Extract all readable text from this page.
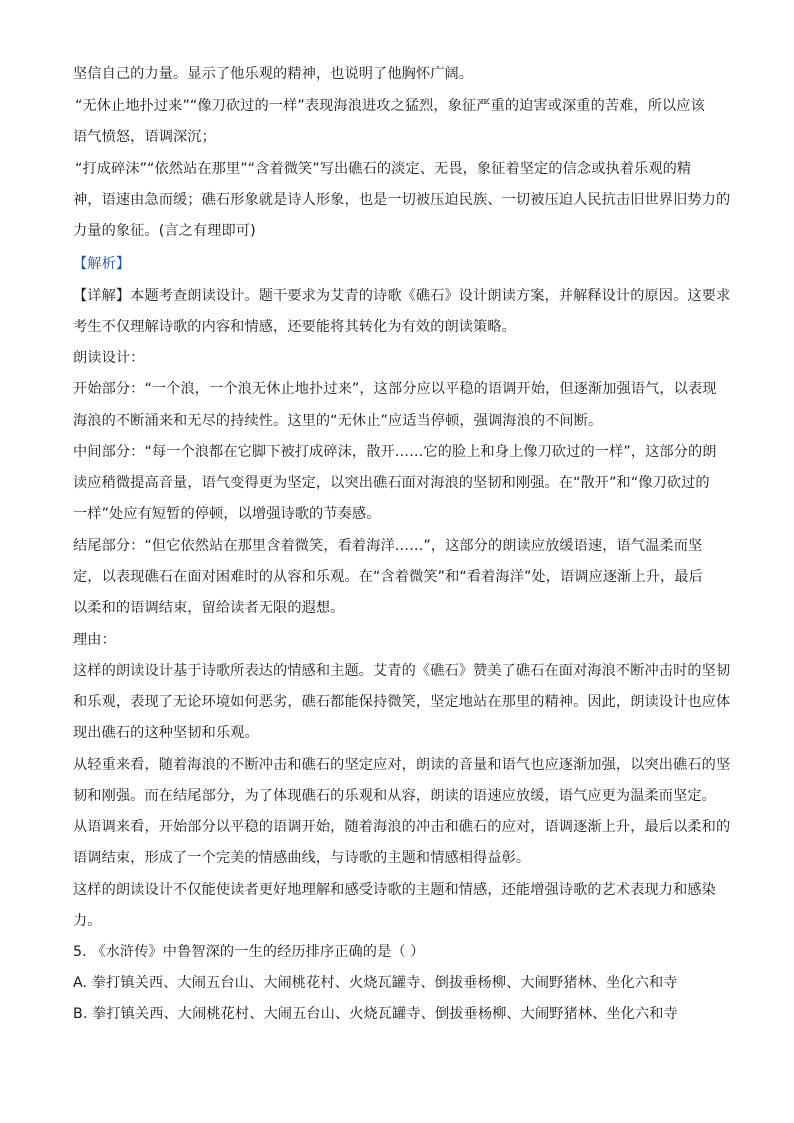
坚信自己的力量。显示了他乐观的精神，也说明了他胸怀广阔。
“无休止地扑过来”“像刀砍过的一样”表现海浪进攻之猛烈，象征严重的迫害或深重的苦难，所以应该
语气愤怒，语调深沉；
“打成碎沫”“依然站在那里”“含着微笑”写出礁石的淡定、无畏，象征着坚定的信念或执着乐观的精
神，语速由急而缓；礁石形象就是诗人形象，也是一切被压迫民族、一切被压迫人民抗击旧世界旧势力的
力量的象征。(言之有理即可)
【解析】
【详解】本题考查朗读设计。题干要求为艾青的诗歌《礁石》设计朗读方案，并解释设计的原因。这要求
考生不仅理解诗歌的内容和情感，还要能将其转化为有效的朗读策略。
朗读设计：
开始部分：“一个浪，一个浪无休止地扑过来”，这部分应以平稳的语调开始，但逐渐加强语气，以表现
海浪的不断涌来和无尽的持续性。这里的“无休止”应适当停顿，强调海浪的不间断。
中间部分：“每一个浪都在它脚下被打成碎沫，散开……它的脸上和身上像刀砍过的一样”，这部分的朗
读应稍微提高音量，语气变得更为坚定，以突出礁石面对海浪的坚韧和刚强。在“散开”和“像刀砍过的
一样”处应有短暂的停顿，以增强诗歌的节奏感。
结尾部分：“但它依然站在那里含着微笑，看着海洋……”，这部分的朗读应放缓语速，语气温柔而坚
定，以表现礁石在面对困难时的从容和乐观。在“含着微笑”和“看着海洋”处，语调应逐渐上升，最后
以柔和的语调结束，留给读者无限的遐想。
理由：
这样的朗读设计基于诗歌所表达的情感和主题。艾青的《礁石》赞美了礁石在面对海浪不断冲击时的坚韧
和乐观，表现了无论环境如何恶劣，礁石都能保持微笑，坚定地站在那里的精神。因此，朗读设计也应体
现出礁石的这种坚韧和乐观。
从轻重来看，随着海浪的不断冲击和礁石的坚定应对，朗读的音量和语气也应逐渐加强，以突出礁石的坚
韧和刚强。而在结尾部分，为了体现礁石的乐观和从容，朗读的语速应放缓，语气应更为温柔而坚定。
从语调来看，开始部分以平稳的语调开始，随着海浪的冲击和礁石的应对，语调逐渐上升，最后以柔和的
语调结束，形成了一个完美的情感曲线，与诗歌的主题和情感相得益彰。
这样的朗读设计不仅能使读者更好地理解和感受诗歌的主题和情感，还能增强诗歌的艺术表现力和感染
力。
5. 《水浒传》中鲁智深的一生的经历排序正确的是（ ）
A. 拳打镇关西、大闹五台山、大闹桃花村、火烧瓦罐寺、倒拔垂杨柳、大闹野猪林、坐化六和寺
B. 拳打镇关西、大闹桃花村、大闹五台山、火烧瓦罐寺、倒拔垂杨柳、大闹野猪林、坐化六和寺
